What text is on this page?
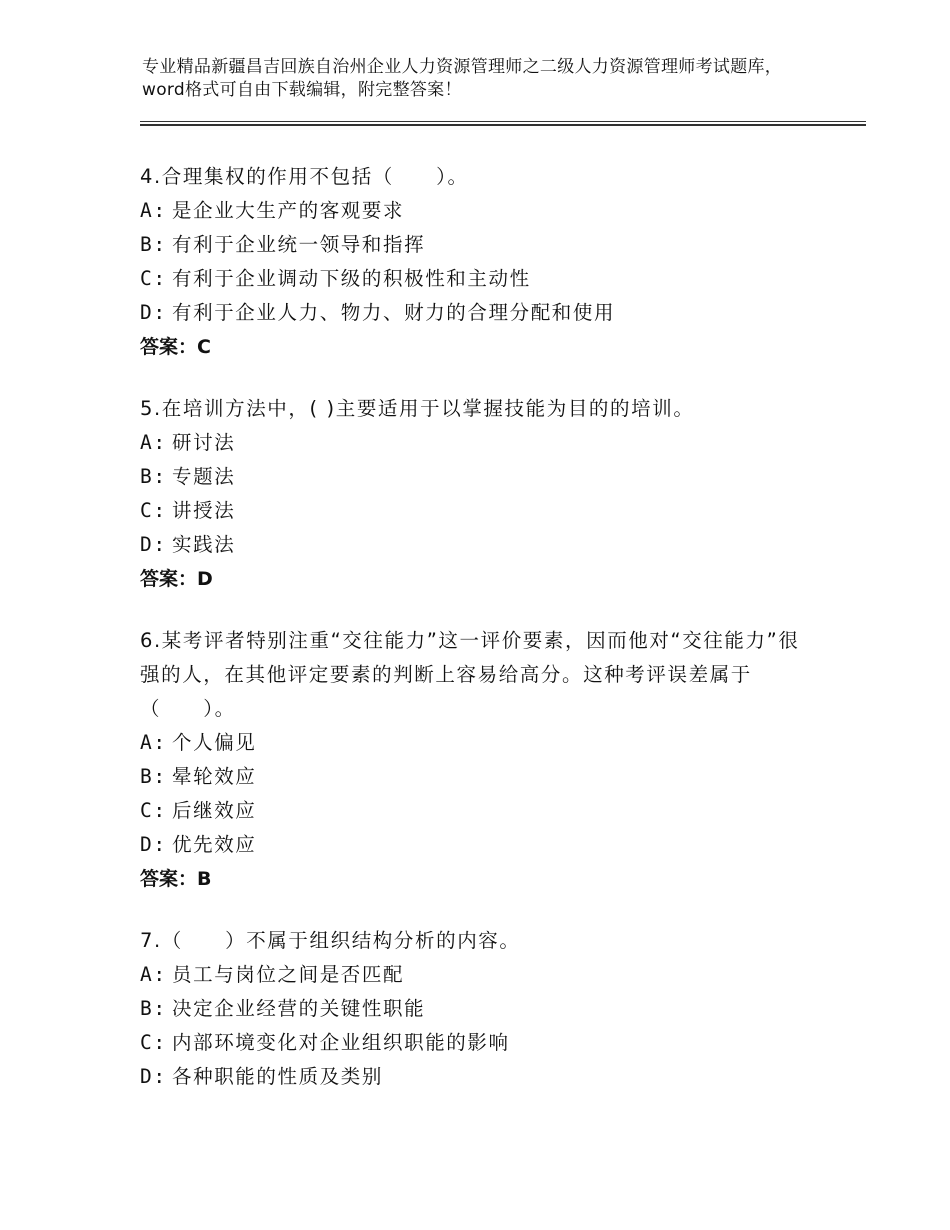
专业精品新疆昌吉回族自治州企业人力资源管理师之二级人力资源管理师考试题库，word格式可自由下载编辑，附完整答案！

4.合理集权的作用不包括（　　）。

A: 是企业大生产的客观要求

B: 有利于企业统一领导和指挥

C: 有利于企业调动下级的积极性和主动性

D: 有利于企业人力、物力、财力的合理分配和使用

答案：C

5.在培训方法中，( )主要适用于以掌握技能为目的的培训。

A: 研讨法

B: 专题法

C: 讲授法

D: 实践法

答案：D

6.某考评者特别注重“交往能力”这一评价要素，因而他对“交往能力”很强的人，在其他评定要素的判断上容易给高分。这种考评误差属于（　　）。

A: 个人偏见

B: 晕轮效应

C: 后继效应

D: 优先效应

答案：B

7.（　　）不属于组织结构分析的内容。

A: 员工与岗位之间是否匹配

B: 决定企业经营的关键性职能

C: 内部环境变化对企业组织职能的影响

D: 各种职能的性质及类别
